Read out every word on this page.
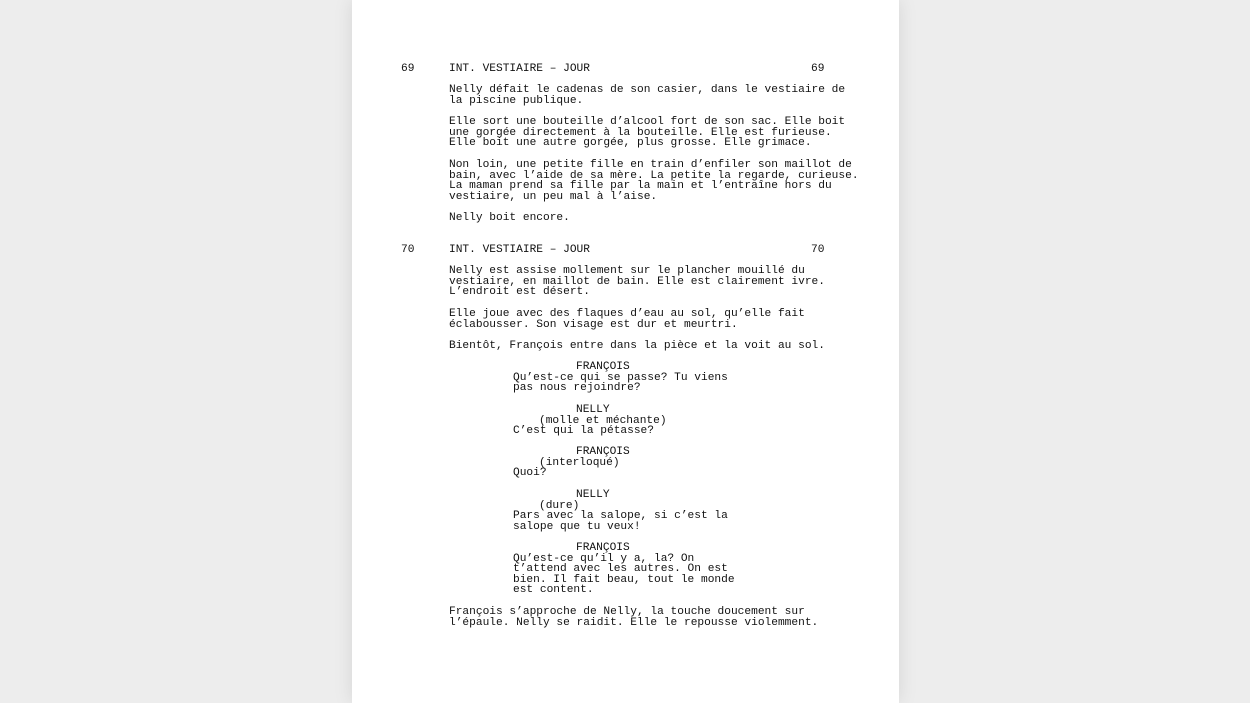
69	INT. VESTIAIRE – JOUR	69
Nelly défait le cadenas de son casier, dans le vestiaire de
la piscine publique.
Elle sort une bouteille d’alcool fort de son sac. Elle boit
une gorgée directement à la bouteille. Elle est furieuse.
Elle boit une autre gorgée, plus grosse. Elle grimace.
Non loin, une petite fille en train d’enfiler son maillot de
bain, avec l’aide de sa mère. La petite la regarde, curieuse.
La maman prend sa fille par la main et l’entraîne hors du
vestiaire, un peu mal à l’aise.
Nelly boit encore.
70	INT. VESTIAIRE – JOUR	70
Nelly est assise mollement sur le plancher mouillé du
vestiaire, en maillot de bain. Elle est clairement ivre.
L’endroit est désert.
Elle joue avec des flaques d’eau au sol, qu’elle fait
éclabousser. Son visage est dur et meurtri.
Bientôt, François entre dans la pièce et la voit au sol.
FRANÇOIS
Qu’est-ce qui se passe? Tu viens
pas nous rejoindre?
NELLY
(molle et méchante)
C’est qui la pétasse?
FRANÇOIS
(interloqué)
Quoi?
NELLY
(dure)
Pars avec la salope, si c’est la
salope que tu veux!
FRANÇOIS
Qu’est-ce qu’il y a, la? On
t’attend avec les autres. On est
bien. Il fait beau, tout le monde
est content.
François s’approche de Nelly, la touche doucement sur
l’épaule. Nelly se raidit. Elle le repousse violemment.
